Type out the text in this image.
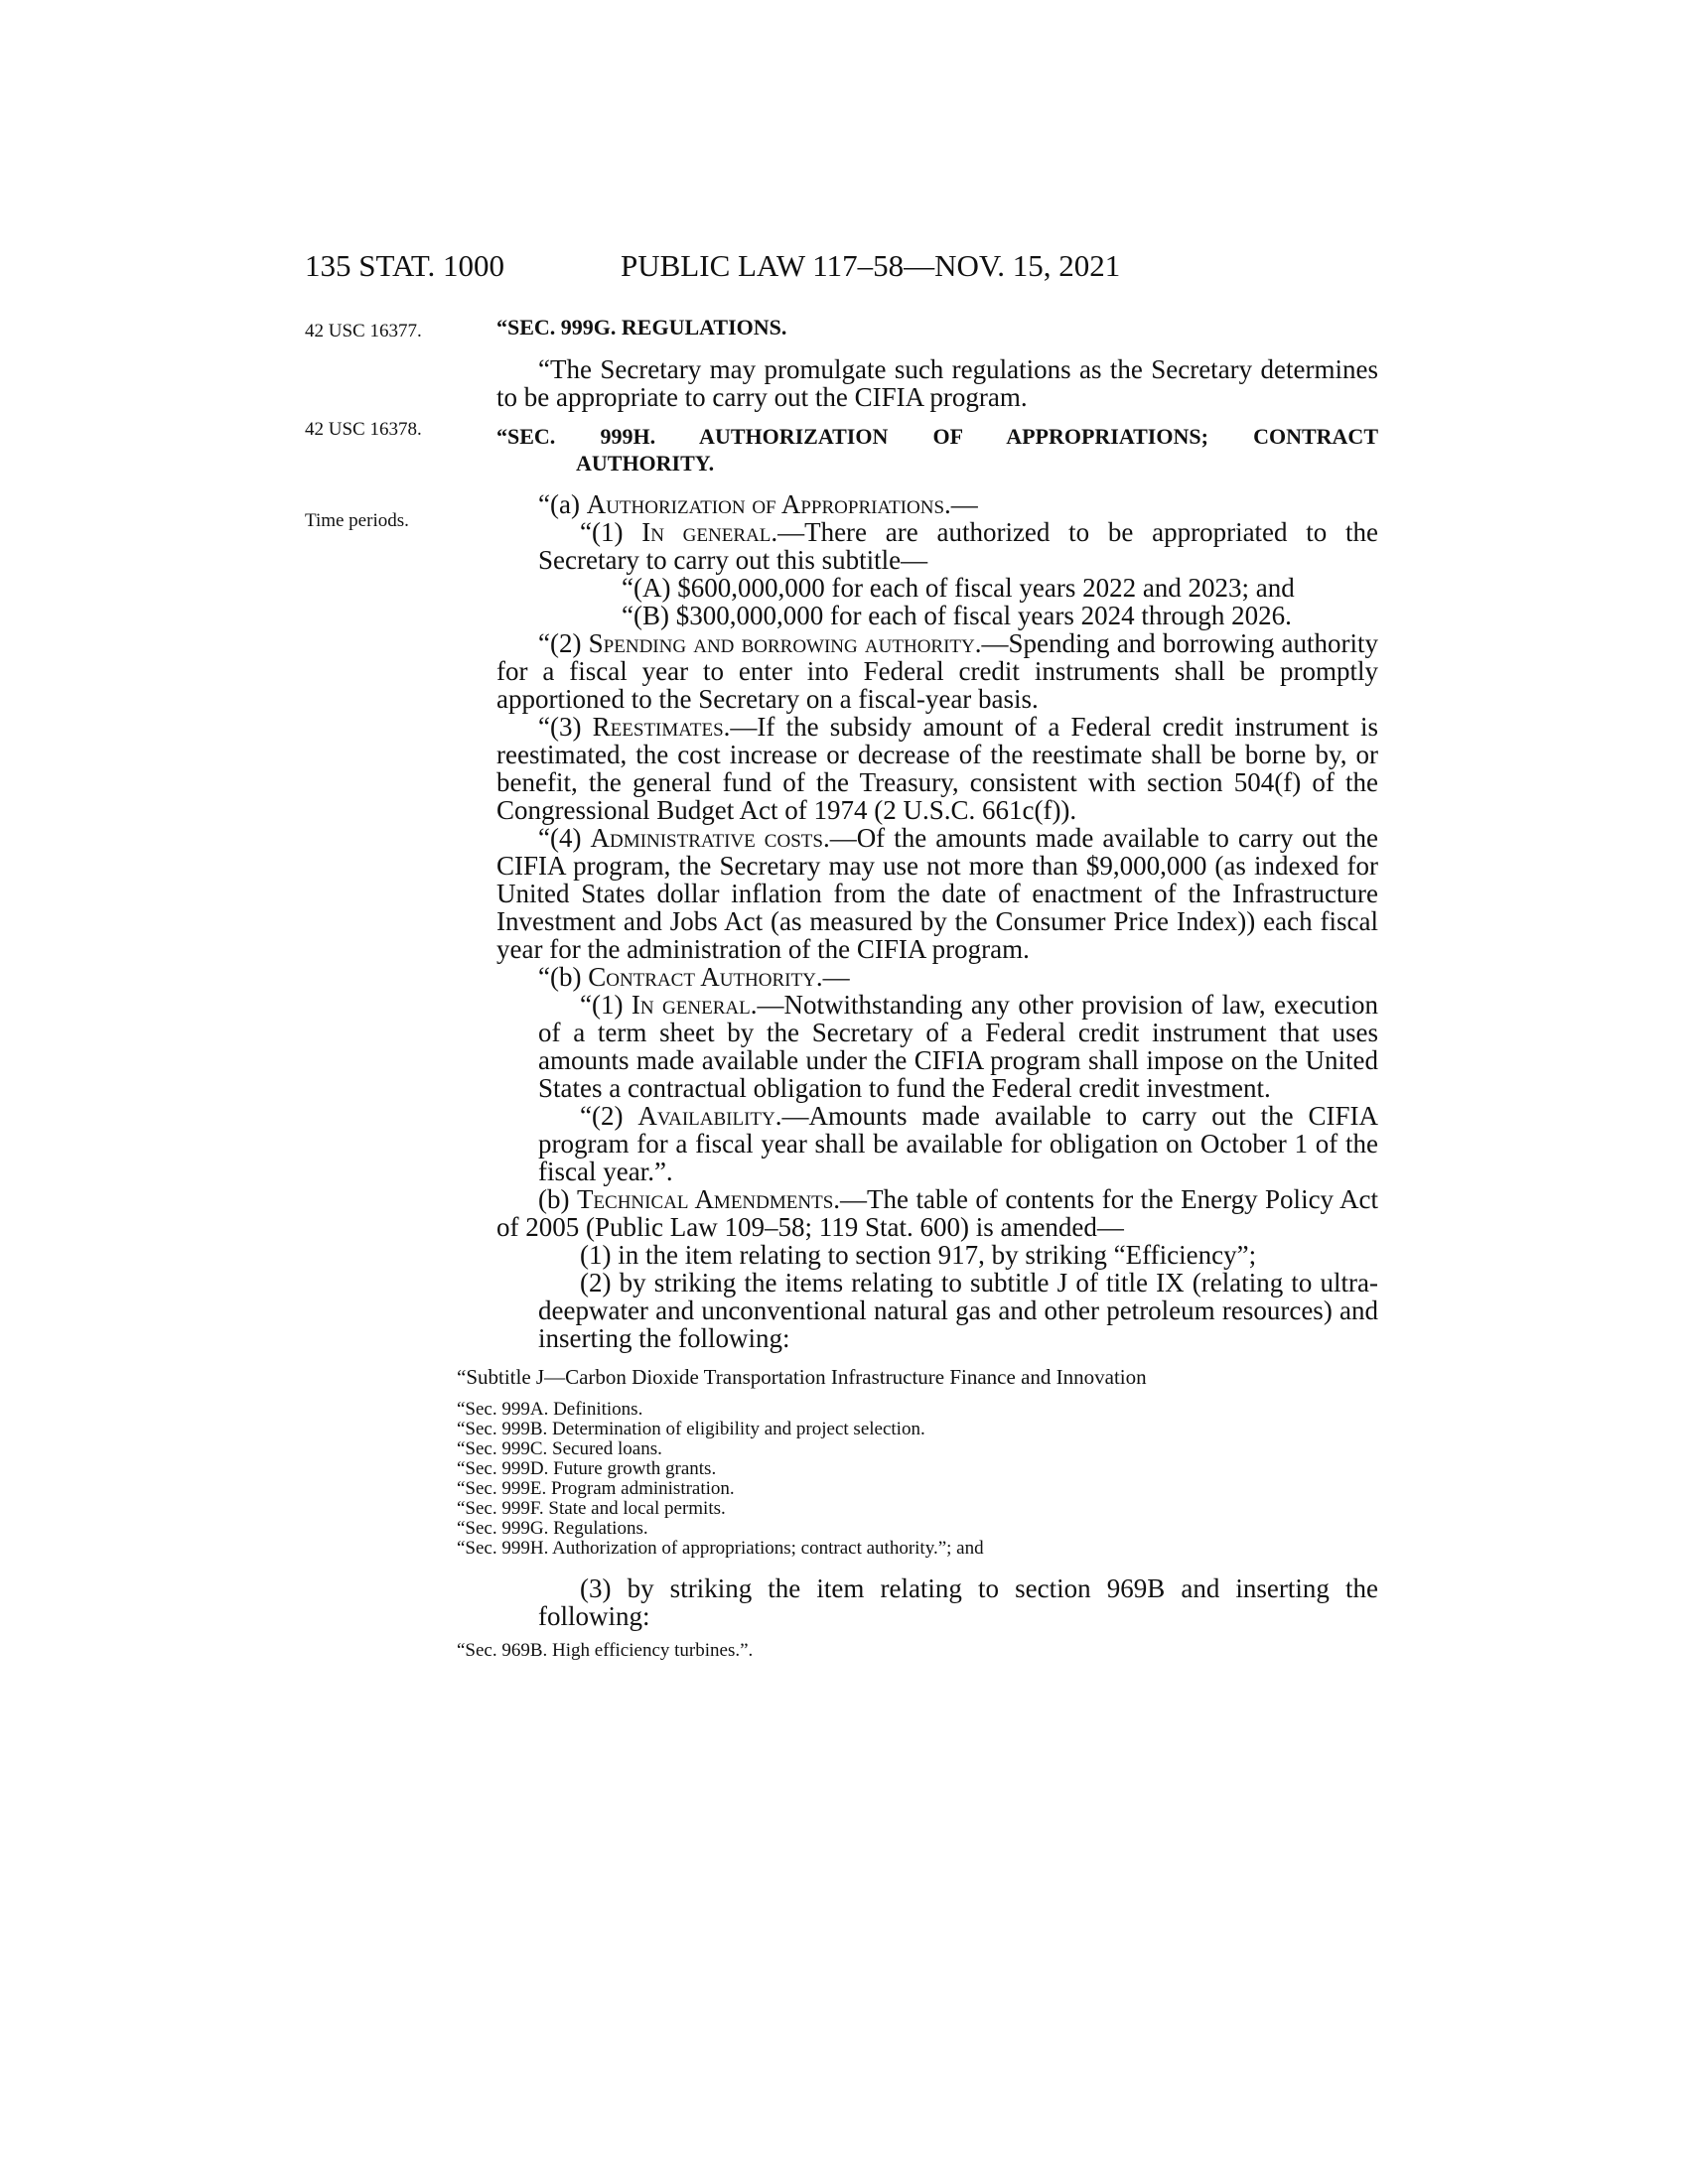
135 STAT. 1000	PUBLIC LAW 117–58—NOV. 15, 2021
42 USC 16377.
42 USC 16378.
Time periods.
“SEC. 999G. REGULATIONS.

“The Secretary may promulgate such regulations as the Secretary determines to be appropriate to carry out the CIFIA program.

“SEC. 999H. AUTHORIZATION OF APPROPRIATIONS; CONTRACT
AUTHORITY.

“(a) Authorization of Appropriations.—

“(1) In general.—There are authorized to be appropriated to the Secretary to carry out this subtitle—

“(A) $600,000,000 for each of fiscal years 2022 and 2023; and

“(B) $300,000,000 for each of fiscal years 2024 through 2026.

“(2) Spending and borrowing authority.—Spending and borrowing authority for a fiscal year to enter into Federal credit instruments shall be promptly apportioned to the Secretary on a fiscal-year basis.

“(3) Reestimates.—If the subsidy amount of a Federal credit instrument is reestimated, the cost increase or decrease of the reestimate shall be borne by, or benefit, the general fund of the Treasury, consistent with section 504(f) of the Congressional Budget Act of 1974 (2 U.S.C. 661c(f)).

“(4) Administrative costs.—Of the amounts made available to carry out the CIFIA program, the Secretary may use not more than $9,000,000 (as indexed for United States dollar inflation from the date of enactment of the Infrastructure Investment and Jobs Act (as measured by the Consumer Price Index)) each fiscal year for the administration of the CIFIA program.

“(b) Contract Authority.—

“(1) In general.—Notwithstanding any other provision of law, execution of a term sheet by the Secretary of a Federal credit instrument that uses amounts made available under the CIFIA program shall impose on the United States a contractual obligation to fund the Federal credit investment.

“(2) Availability.—Amounts made available to carry out the CIFIA program for a fiscal year shall be available for obligation on October 1 of the fiscal year.”.

(b) Technical Amendments.—The table of contents for the Energy Policy Act of 2005 (Public Law 109–58; 119 Stat. 600) is amended—

(1) in the item relating to section 917, by striking “Efficiency”;

(2) by striking the items relating to subtitle J of title IX (relating to ultra-deepwater and unconventional natural gas and other petroleum resources) and inserting the following:

“Subtitle J—Carbon Dioxide Transportation Infrastructure Finance and Innovation
“Sec. 999A. Definitions.
“Sec. 999B. Determination of eligibility and project selection.
“Sec. 999C. Secured loans.
“Sec. 999D. Future growth grants.
“Sec. 999E. Program administration.
“Sec. 999F. State and local permits.
“Sec. 999G. Regulations.
“Sec. 999H. Authorization of appropriations; contract authority.”; and

(3) by striking the item relating to section 969B and inserting the following:

“Sec. 969B. High efficiency turbines.”.
